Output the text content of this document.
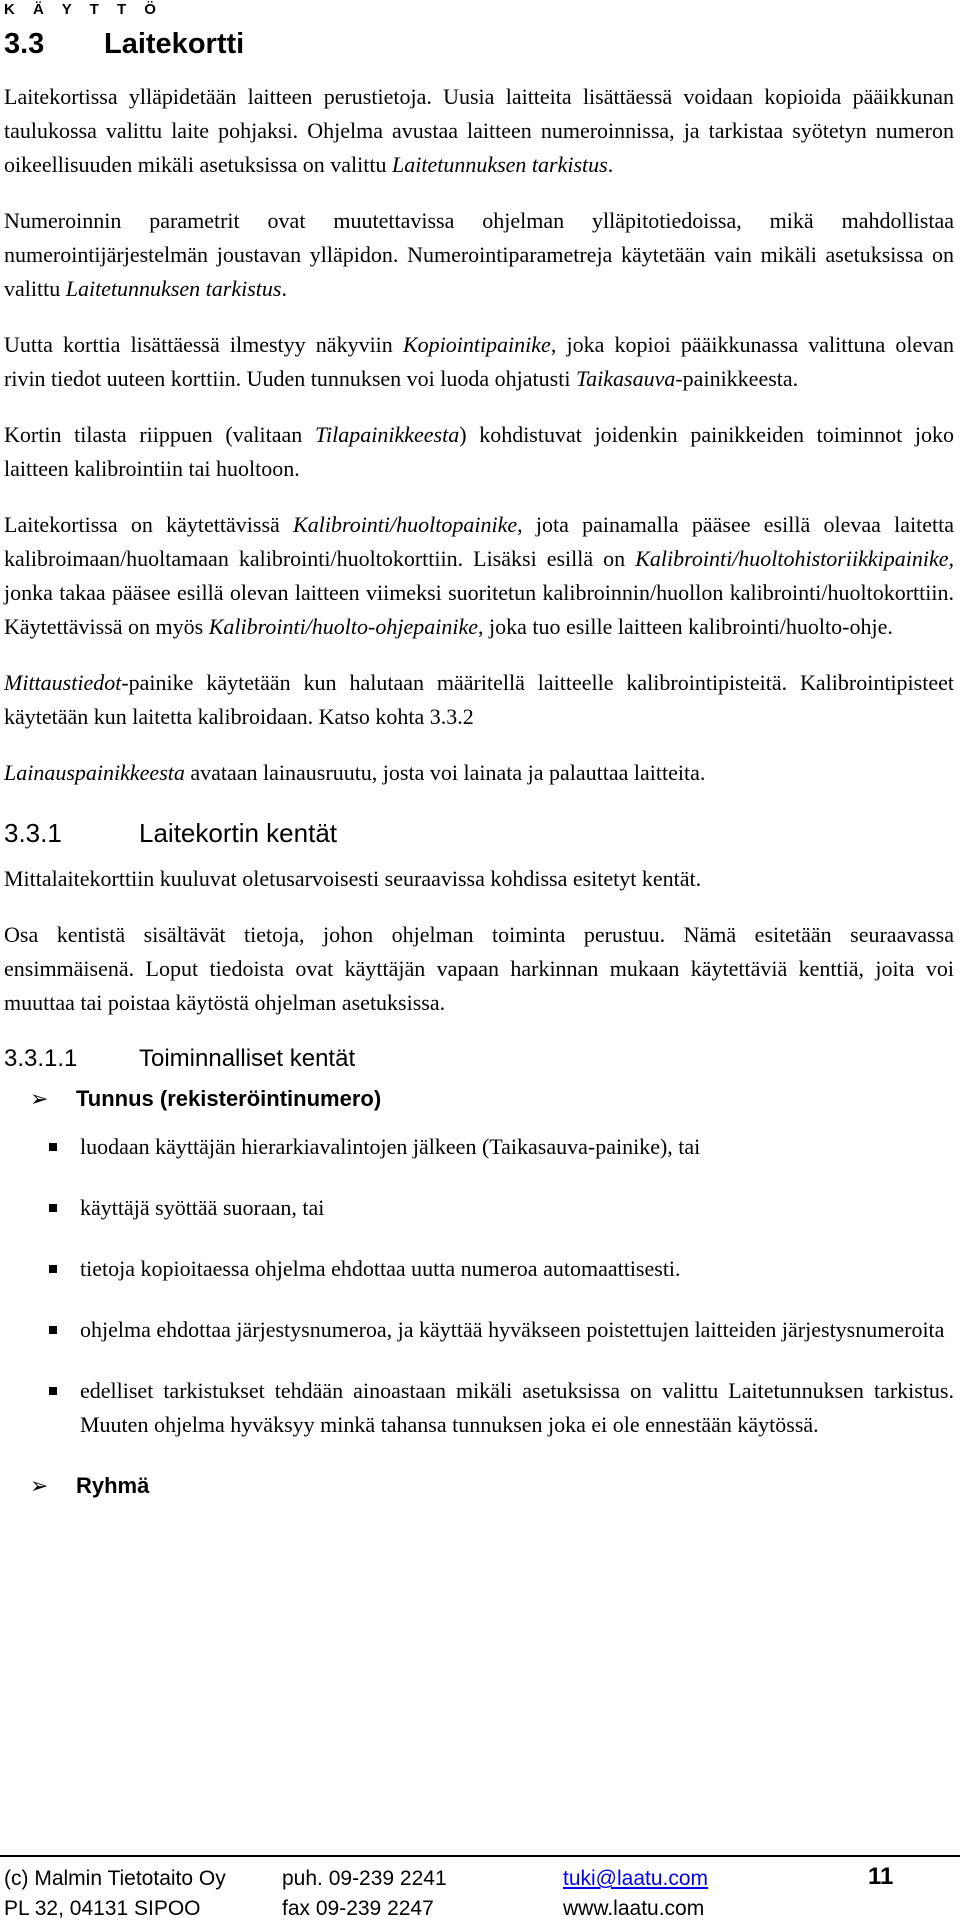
K Ä Y T T Ö
3.3 Laitekortti

Laitekortissa ylläpidetään laitteen perustietoja. Uusia laitteita lisättäessä voidaan kopioida pääikkunan taulukossa valittu laite pohjaksi. Ohjelma avustaa laitteen numeroinnissa, ja tarkistaa syötetyn numeron oikeellisuuden mikäli asetuksissa on valittu Laitetunnuksen tarkistus.

Numeroinnin parametrit ovat muutettavissa ohjelman ylläpitotiedoissa, mikä mahdollistaa numerointijärjestelmän joustavan ylläpidon. Numerointiparametreja käytetään vain mikäli asetuksissa on valittu Laitetunnuksen tarkistus.

Uutta korttia lisättäessä ilmestyy näkyviin Kopiointipainike, joka kopioi pääikkunassa valittuna olevan rivin tiedot uuteen korttiin. Uuden tunnuksen voi luoda ohjatusti Taikasauva-painikkeesta.

Kortin tilasta riippuen (valitaan Tilapainikkeesta) kohdistuvat joidenkin painikkeiden toiminnot joko laitteen kalibrointiin tai huoltoon.

Laitekortissa on käytettävissä Kalibrointi/huoltopainike, jota painamalla pääsee esillä olevaa laitetta kalibroimaan/huoltamaan kalibrointi/huoltokorttiin. Lisäksi esillä on Kalibrointi/huoltohistoriikkipainike, jonka takaa pääsee esillä olevan laitteen viimeksi suoritetun kalibroinnin/huollon kalibrointi/huoltokorttiin. Käytettävissä on myös Kalibrointi/huolto-ohjepainike, joka tuo esille laitteen kalibrointi/huolto-ohje.

Mittaustiedot-painike käytetään kun halutaan määritellä laitteelle kalibrointipisteitä. Kalibrointipisteet käytetään kun laitetta kalibroidaan. Katso kohta 3.3.2

Lainauspainikkeesta avataan lainausruutu, josta voi lainata ja palauttaa laitteita.

3.3.1	Laitekortin kentät

Mittalaitekorttiin kuuluvat oletusarvoisesti seuraavissa kohdissa esitetyt kentät.

Osa kentistä sisältävät tietoja, johon ohjelman toiminta perustuu. Nämä esitetään seuraavassa ensimmäisenä. Loput tiedoista ovat käyttäjän vapaan harkinnan mukaan käytettäviä kenttiä, joita voi muuttaa tai poistaa käytöstä ohjelman asetuksissa.

3.3.1.1	Toiminnalliset kentät
➢ Tunnus (rekisteröintinumero)
luodaan käyttäjän hierarkiavalintojen jälkeen (Taikasauva-painike), tai
käyttäjä syöttää suoraan, tai
tietoja kopioitaessa ohjelma ehdottaa uutta numeroa automaattisesti.
ohjelma ehdottaa järjestysnumeroa, ja käyttää hyväkseen poistettujen laitteiden järjestysnumeroita
edelliset tarkistukset tehdään ainoastaan mikäli asetuksissa on valittu Laitetunnuksen tarkistus. Muuten ohjelma hyväksyy minkä tahansa tunnuksen joka ei ole ennestään käytössä.
➢ Ryhmä
(c) Malmin Tietotaito Oy
PL 32, 04131 SIPOO
puh. 09-239 2241
fax 09-239 2247
tuki@laatu.com
www.laatu.com
11
